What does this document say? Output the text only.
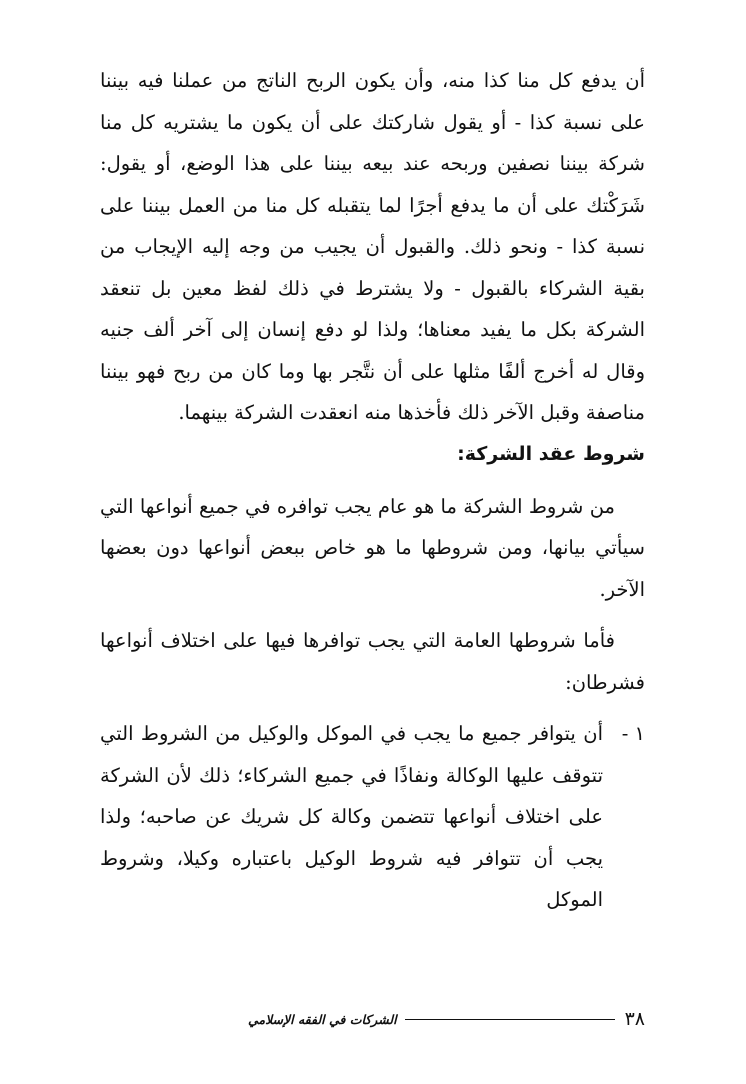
أن يدفع كل منا كذا منه، وأن يكون الربح الناتج من عملنا فيه بيننا على نسبة كذا - أو يقول شاركتك على أن يكون ما يشتريه كل منا شركة بيننا نصفين وربحه عند بيعه بيننا على هذا الوضع، أو يقول: شَرَكْتك على أن ما يدفع أجرًا لما يتقبله كل منا من العمل بيننا على نسبة كذا - ونحو ذلك. والقبول أن يجيب من وجه إليه الإيجاب من بقية الشركاء بالقبول - ولا يشترط في ذلك لفظ معين بل تنعقد الشركة بكل ما يفيد معناها؛ ولذا لو دفع إنسان إلى آخر ألف جنيه وقال له أخرج ألفًا مثلها على أن نتَّجر بها وما كان من ربح فهو بيننا مناصفة وقبل الآخر ذلك فأخذها منه انعقدت الشركة بينهما.

شروط عقد الشركة:

من شروط الشركة ما هو عام يجب توافره في جميع أنواعها التي سيأتي بيانها، ومن شروطها ما هو خاص ببعض أنواعها دون بعضها الآخر.

فأما شروطها العامة التي يجب توافرها فيها على اختلاف أنواعها فشرطان:

١ -
أن يتوافر جميع ما يجب في الموكل والوكيل من الشروط التي تتوقف عليها الوكالة ونفاذًا في جميع الشركاء؛ ذلك لأن الشركة على اختلاف أنواعها تتضمن وكالة كل شريك عن صاحبه؛ ولذا يجب أن تتوافر فيه شروط الوكيل باعتباره وكيلا، وشروط الموكل
٣٨
الشركات في الفقه الإسلامي
